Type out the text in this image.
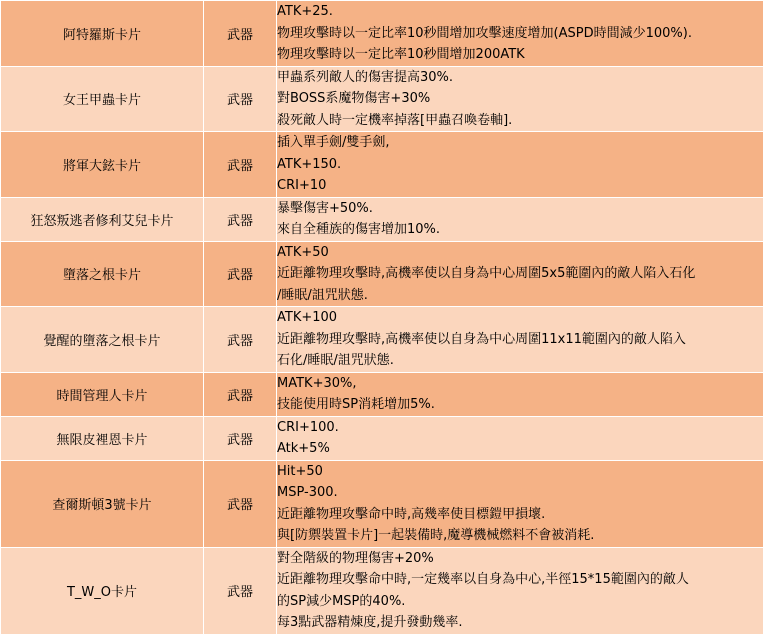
阿特羅斯卡片	武器	ATK+25.
物理攻擊時以一定比率10秒間增加攻擊速度增加(ASPD時間減少100%).
物理攻擊時以一定比率10秒間增加200ATK

女王甲蟲卡片	武器	甲蟲系列敵人的傷害提高30%.
對BOSS系魔物傷害+30%
殺死敵人時一定機率掉落[甲蟲召喚卷軸].

將軍大鉉卡片	武器	插入單手劍/雙手劍,
ATK+150.
CRI+10

狂怒叛逃者修利艾兒卡片	武器	暴擊傷害+50%.
來自全種族的傷害增加10%.

墮落之根卡片	武器	ATK+50
近距離物理攻擊時,高機率使以自身為中心周圍5x5範圍內的敵人陷入石化
/睡眠/詛咒狀態.

覺醒的墮落之根卡片	武器	ATK+100
近距離物理攻擊時,高機率使以自身為中心周圍11x11範圍內的敵人陷入
石化/睡眠/詛咒狀態.

時間管理人卡片	武器	MATK+30%,
技能使用時SP消耗增加5%.

無限皮裡恩卡片	武器	CRI+100.
Atk+5%

查爾斯頓3號卡片	武器	Hit+50
MSP-300.
近距離物理攻擊命中時,高幾率使目標鎧甲損壞.
與[防禦裝置卡片]一起裝備時,魔導機械燃料不會被消耗.

T_W_O卡片	武器	對全階級的物理傷害+20%
近距離物理攻擊命中時,一定幾率以自身為中心,半徑15*15範圍內的敵人
的SP減少MSP的40%.
每3點武器精煉度,提升發動幾率.
